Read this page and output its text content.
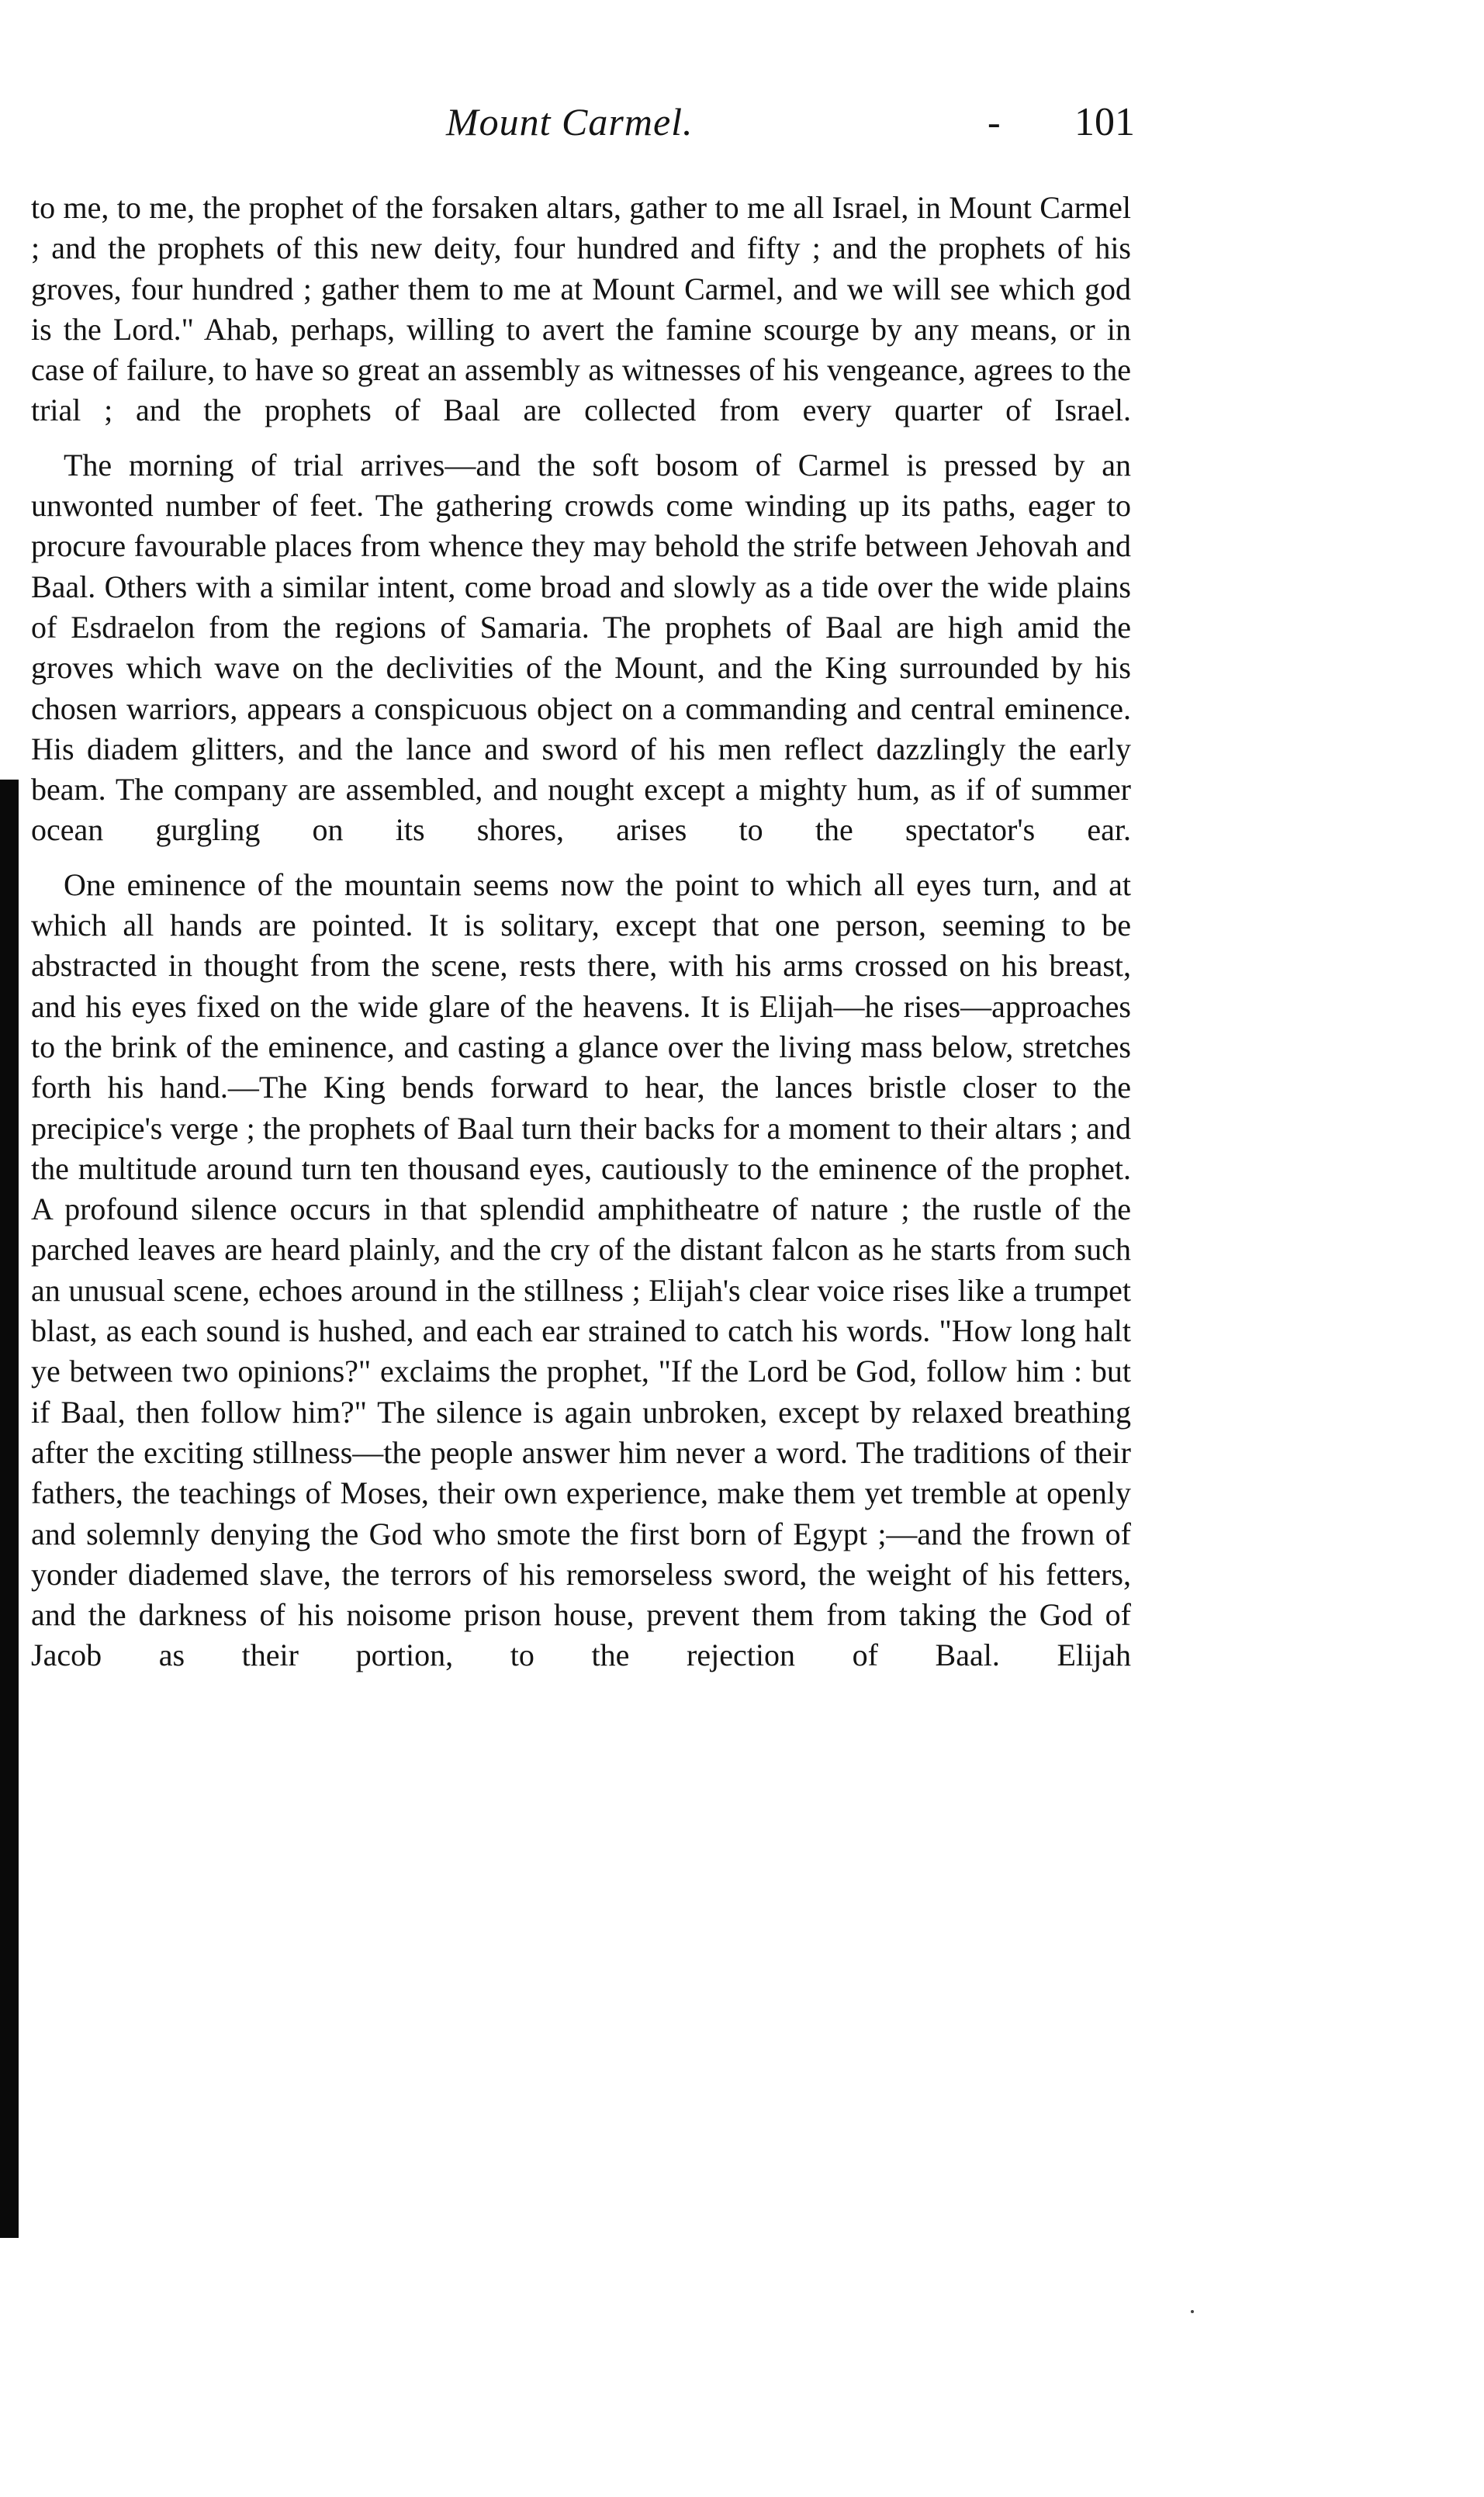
Mount Carmel.	- 101

to me, to me, the prophet of the forsaken altars, gather to me all Israel, in Mount Carmel ; and the prophets of this new deity, four hundred and fifty ; and the prophets of his groves, four hundred ; gather them to me at Mount Carmel, and we will see which god is the Lord." Ahab, perhaps, willing to avert the famine scourge by any means, or in case of failure, to have so great an assembly as witnesses of his vengeance, agrees to the trial ; and the prophets of Baal are collected from every quarter of Israel.

The morning of trial arrives—and the soft bosom of Carmel is pressed by an unwonted number of feet. The gathering crowds come winding up its paths, eager to procure favourable places from whence they may behold the strife between Jehovah and Baal. Others with a similar intent, come broad and slowly as a tide over the wide plains of Esdraelon from the regions of Samaria. The prophets of Baal are high amid the groves which wave on the declivities of the Mount, and the King surrounded by his chosen warriors, appears a conspicuous object on a commanding and central eminence. His diadem glitters, and the lance and sword of his men reflect dazzlingly the early beam. The company are assembled, and nought except a mighty hum, as if of summer ocean gurgling on its shores, arises to the spectator's ear.

One eminence of the mountain seems now the point to which all eyes turn, and at which all hands are pointed. It is solitary, except that one person, seeming to be abstracted in thought from the scene, rests there, with his arms crossed on his breast, and his eyes fixed on the wide glare of the heavens. It is Elijah—he rises—approaches to the brink of the eminence, and casting a glance over the living mass below, stretches forth his hand.—The King bends forward to hear, the lances bristle closer to the precipice's verge ; the prophets of Baal turn their backs for a moment to their altars ; and the multitude around turn ten thousand eyes, cautiously to the eminence of the prophet. A profound silence occurs in that splendid amphitheatre of nature ; the rustle of the parched leaves are heard plainly, and the cry of the distant falcon as he starts from such an unusual scene, echoes around in the stillness ; Elijah's clear voice rises like a trumpet blast, as each sound is hushed, and each ear strained to catch his words. "How long halt ye between two opinions?" exclaims the prophet, "If the Lord be God, follow him : but if Baal, then follow him?" The silence is again unbroken, except by relaxed breathing after the exciting stillness—the people answer him never a word. The traditions of their fathers, the teachings of Moses, their own experience, make them yet tremble at openly and solemnly denying the God who smote the first born of Egypt ;—and the frown of yonder diademed slave, the terrors of his remorseless sword, the weight of his fetters, and the darkness of his noisome prison house, prevent them from taking the God of Jacob as their portion, to the rejection of Baal. Elijah
